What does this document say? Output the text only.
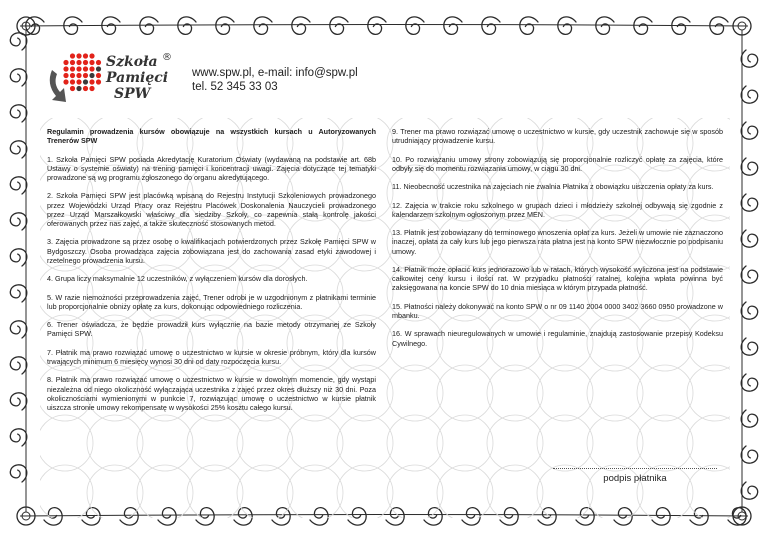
Szkoła
Pamięci
SPW
®
www.spw.pl, e-mail: info@spw.pl
tel. 52 345 33 03

Regulamin prowadzenia kursów obowiązuje na wszystkich kursach u Autoryzowanych Trenerów SPW

1. Szkoła Pamięci SPW posiada Akredytację Kuratorium Oświaty (wydawaną na podstawie art. 68b Ustawy o systemie oświaty) na trening pamięci i koncentracji uwagi. Zajęcia dotyczące tej tematyki prowadzone są wg programu zgłoszonego do organu akredytującego.

2. Szkoła Pamięci SPW jest placówką wpisaną do Rejestru Instytucji Szkoleniowych prowadzonego przez Wojewódzki Urząd Pracy oraz Rejestru Placówek Doskonalenia Nauczycieli prowadzonego przez Urząd Marszałkowski właściwy dla siedziby Szkoły, co zapewnia stałą kontrolę jakości oferowanych przez nas zajęć, a także skuteczność stosowanych metod.

3. Zajęcia prowadzone są przez osobę o kwalifikacjach potwierdzonych przez Szkołę Pamięci SPW w Bydgoszczy. Osoba prowadząca zajęcia zobowiązana jest do zachowania zasad etyki zawodowej i rzetelnego prowadzenia kursu.

4. Grupa liczy maksymalnie 12 uczestników, z wyłączeniem kursów dla dorosłych.

5. W razie niemożności przeprowadzenia zajęć, Trener odrobi je w uzgodnionym z płatnikami terminie lub proporcjonalnie obniży opłatę za kurs, dokonując odpowiedniego rozliczenia.

6. Trener oświadcza, że będzie prowadził kurs wyłącznie na bazie metody otrzymanej ze Szkoły Pamięci SPW.

7. Płatnik ma prawo rozwiązać umowę o uczestnictwo w kursie w okresie próbnym, który dla kursów trwających minimum 6 miesięcy wynosi 30 dni od daty rozpoczęcia kursu.

8. Płatnik ma prawo rozwiązać umowę o uczestnictwo w kursie w dowolnym momencie, gdy wystąpi niezależna od niego okoliczność wyłączająca uczestnika z zajęć przez okres dłuższy niż 30 dni. Poza okolicznościami wymienionymi w punkcie 7, rozwiązując umowę o uczestnictwo w kursie płatnik uiszcza stronie umowy rekompensatę w wysokości 25% kosztu całego kursu.

9. Trener ma prawo rozwiązać umowę o uczestnictwo w kursie, gdy uczestnik zachowuje się w sposób utrudniający prowadzenie kursu.

10. Po rozwiązaniu umowy strony zobowiązują się proporcjonalnie rozliczyć opłatę za zajęcia, które odbyły się do momentu rozwiązania umowy, w ciągu 30 dni.

11. Nieobecność uczestnika na zajęciach nie zwalnia Płatnika z obowiązku uiszczenia opłaty za kurs.

12. Zajęcia w trakcie roku szkolnego w grupach dzieci i młodzieży szkolnej odbywają się zgodnie z kalendarzem szkolnym ogłoszonym przez MEN.

13. Płatnik jest zobowiązany do terminowego wnoszenia opłat za kurs. Jeżeli w umowie nie zaznaczono inaczej, opłata za cały kurs lub jego pierwsza rata płatna jest na konto SPW niezwłocznie po podpisaniu umowy.

14. Płatnik może opłacić kurs jednorazowo lub w ratach, których wysokość wyliczona jest na podstawie całkowitej ceny kursu i ilości rat. W przypadku płatności ratalnej, kolejna wpłata powinna być zaksięgowana na koncie SPW do 10 dnia miesiąca w którym przypada płatność.

15. Płatności należy dokonywać na konto SPW o nr 09 1140 2004 0000 3402 3660 0950 prowadzone w mbanku.

16. W sprawach nieuregulowanych w umowie i regulaminie, znajdują zastosowanie przepisy Kodeksu Cywilnego.

podpis płatnika
